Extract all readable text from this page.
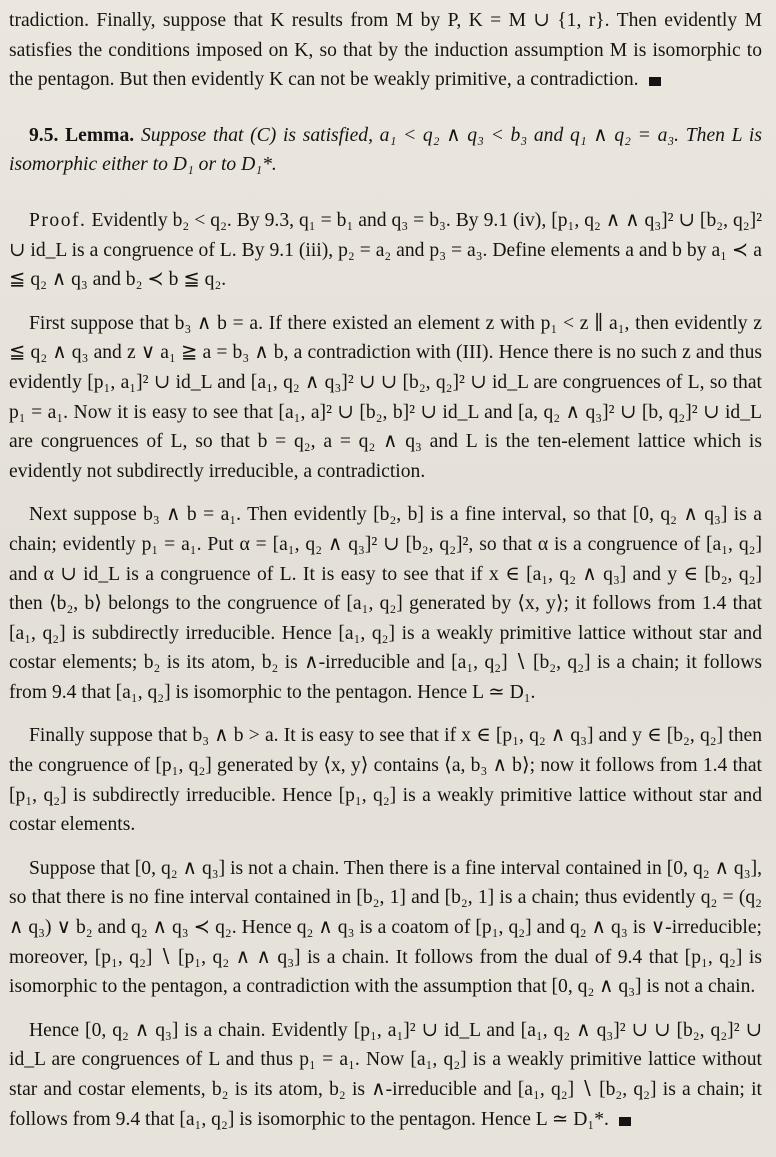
tradiction. Finally, suppose that K results from M by P, K = M ∪ {1, r}. Then evidently M satisfies the conditions imposed on K, so that by the induction assumption M is isomorphic to the pentagon. But then evidently K can not be weakly primitive, a contradiction.

9.5. Lemma. Suppose that (C) is satisfied, a₁ < q₂ ∧ q₃ < b₃ and q₁ ∧ q₂ = a₃. Then L is isomorphic either to D₁ or to D₁*.

Proof. Evidently b₂ < q₂. By 9.3, q₁ = b₁ and q₃ = b₃. By 9.1 (iv), [p₁, q₂ ∧ ∧ q₃]² ∪ [b₂, q₂]² ∪ id_L is a congruence of L. By 9.1 (iii), p₂ = a₂ and p₃ = a₃. Define elements a and b by a₁ ≺ a ≦ q₂ ∧ q₃ and b₂ ≺ b ≦ q₂.

First suppose that b₃ ∧ b = a. If there existed an element z with p₁ < z ∥ a₁, then evidently z ≦ q₂ ∧ q₃ and z ∨ a₁ ≧ a = b₃ ∧ b, a contradiction with (III). Hence there is no such z and thus evidently [p₁, a₁]² ∪ id_L and [a₁, q₂ ∧ q₃]² ∪ ∪ [b₂, q₂]² ∪ id_L are congruences of L, so that p₁ = a₁. Now it is easy to see that [a₁, a]² ∪ [b₂, b]² ∪ id_L and [a, q₂ ∧ q₃]² ∪ [b, q₂]² ∪ id_L are congruences of L, so that b = q₂, a = q₂ ∧ q₃ and L is the ten-element lattice which is evidently not subdirectly irreducible, a contradiction.

Next suppose b₃ ∧ b = a₁. Then evidently [b₂, b] is a fine interval, so that [0, q₂ ∧ q₃] is a chain; evidently p₁ = a₁. Put α = [a₁, q₂ ∧ q₃]² ∪ [b₂, q₂]², so that α is a congruence of [a₁, q₂] and α ∪ id_L is a congruence of L. It is easy to see that if x ∈ [a₁, q₂ ∧ q₃] and y ∈ [b₂, q₂] then ⟨b₂, b⟩ belongs to the congruence of [a₁, q₂] generated by ⟨x, y⟩; it follows from 1.4 that [a₁, q₂] is subdirectly irreducible. Hence [a₁, q₂] is a weakly primitive lattice without star and costar elements; b₂ is its atom, b₂ is ∧-irreducible and [a₁, q₂] ∖ [b₂, q₂] is a chain; it follows from 9.4 that [a₁, q₂] is isomorphic to the pentagon. Hence L ≃ D₁.

Finally suppose that b₃ ∧ b > a. It is easy to see that if x ∈ [p₁, q₂ ∧ q₃] and y ∈ [b₂, q₂] then the congruence of [p₁, q₂] generated by ⟨x, y⟩ contains ⟨a, b₃ ∧ b⟩; now it follows from 1.4 that [p₁, q₂] is subdirectly irreducible. Hence [p₁, q₂] is a weakly primitive lattice without star and costar elements.

Suppose that [0, q₂ ∧ q₃] is not a chain. Then there is a fine interval contained in [0, q₂ ∧ q₃], so that there is no fine interval contained in [b₂, 1] and [b₂, 1] is a chain; thus evidently q₂ = (q₂ ∧ q₃) ∨ b₂ and q₂ ∧ q₃ ≺ q₂. Hence q₂ ∧ q₃ is a coatom of [p₁, q₂] and q₂ ∧ q₃ is ∨-irreducible; moreover, [p₁, q₂] ∖ [p₁, q₂ ∧ ∧ q₃] is a chain. It follows from the dual of 9.4 that [p₁, q₂] is isomorphic to the pentagon, a contradiction with the assumption that [0, q₂ ∧ q₃] is not a chain.

Hence [0, q₂ ∧ q₃] is a chain. Evidently [p₁, a₁]² ∪ id_L and [a₁, q₂ ∧ q₃]² ∪ ∪ [b₂, q₂]² ∪ id_L are congruences of L and thus p₁ = a₁. Now [a₁, q₂] is a weakly primitive lattice without star and costar elements, b₂ is its atom, b₂ is ∧-irreducible and [a₁, q₂] ∖ [b₂, q₂] is a chain; it follows from 9.4 that [a₁, q₂] is isomorphic to the pentagon. Hence L ≃ D₁*.
